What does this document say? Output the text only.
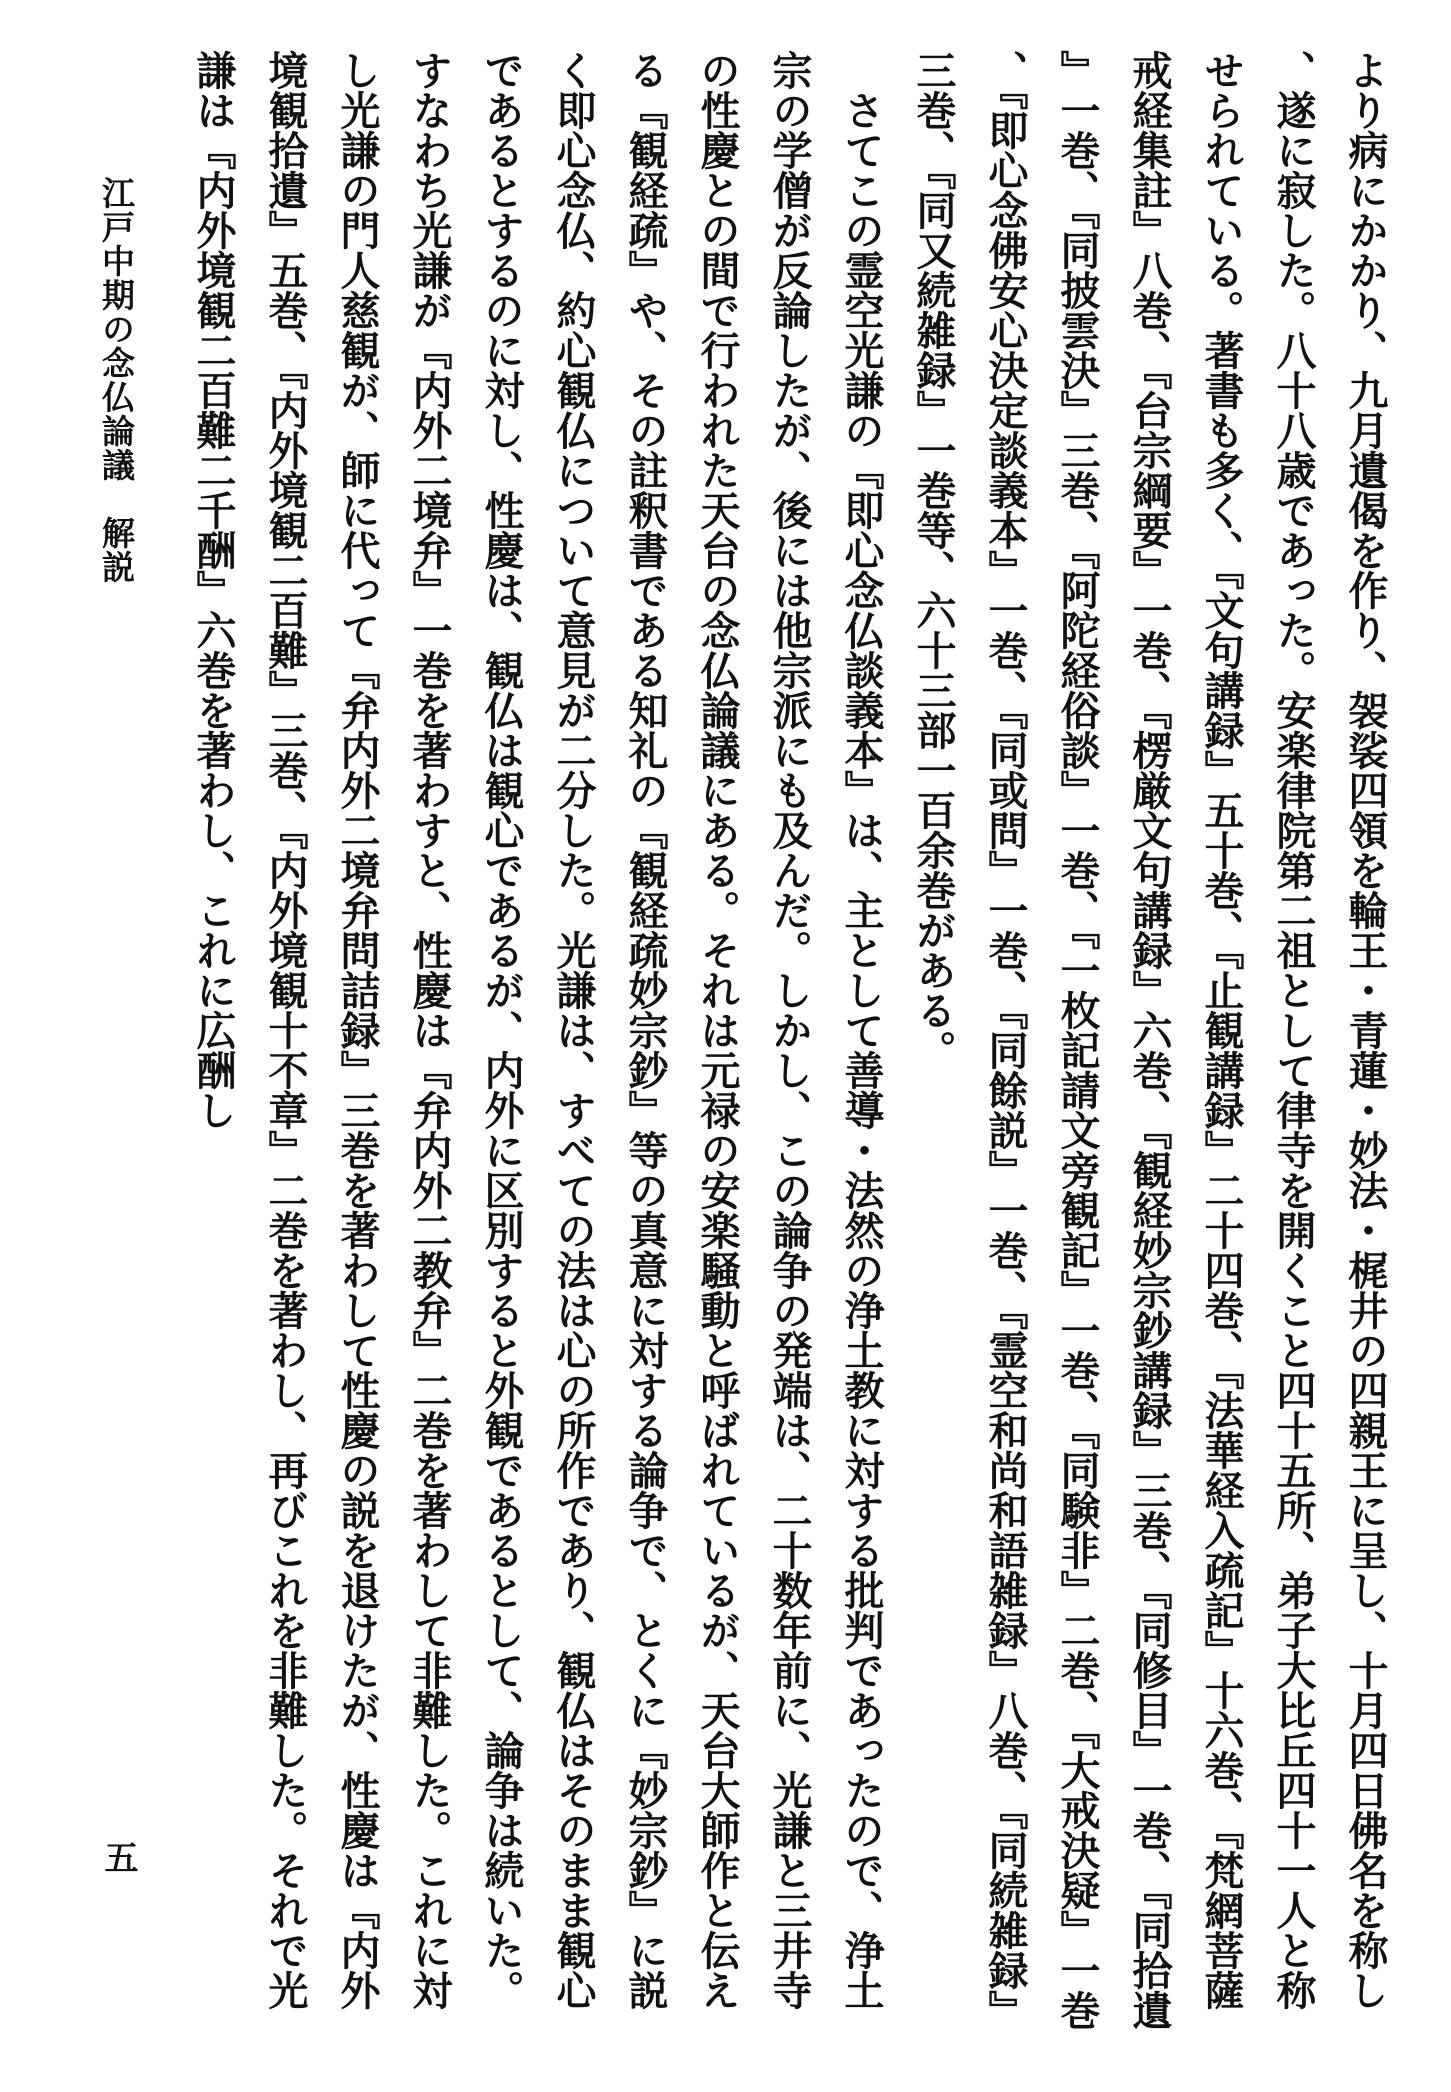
より病にかかり、九月遺偈を作り、袈裟四領を輪王・青蓮・妙法・梶井の四親王に呈し、十月四日佛名を称し、遂に寂した。八十八歳であった。安楽律院第二祖として律寺を開くこと四十五所、弟子大比丘四十一人と称せられている。著書も多く、『文句講録』五十巻、『止観講録』二十四巻、『法華経入疏記』十六巻、『梵網菩薩戒経集註』八巻、『台宗綱要』一巻、『楞厳文句講録』六巻、『観経妙宗鈔講録』三巻、『同修目』一巻、『同拾遺』一巻、『同披雲決』三巻、『阿陀経俗談』一巻、『一枚記請文旁観記』一巻、『同験非』二巻、『大戒決疑』一巻、『即心念佛安心決定談義本』一巻、『同或問』一巻、『同餘説』一巻、『霊空和尚和語雑録』八巻、『同続雑録』三巻、『同又続雑録』一巻等、六十三部一百余巻がある。

さてこの霊空光謙の『即心念仏談義本』は、主として善導・法然の浄土教に対する批判であったので、浄土宗の学僧が反論したが、後には他宗派にも及んだ。しかし、この論争の発端は、二十数年前に、光謙と三井寺の性慶との間で行われた天台の念仏論議にある。それは元禄の安楽騒動と呼ばれているが、天台大師作と伝える『観経疏』や、その註釈書である知礼の『観経疏妙宗鈔』等の真意に対する論争で、とくに『妙宗鈔』に説く即心念仏、約心観仏について意見が二分した。光謙は、すべての法は心の所作であり、観仏はそのまま観心であるとするのに対し、性慶は、観仏は観心であるが、内外に区別すると外観であるとして、論争は続いた。すなわち光謙が『内外二境弁』一巻を著わすと、性慶は『弁内外二教弁』二巻を著わして非難した。これに対し光謙の門人慈観が、師に代って『弁内外二境弁問詰録』三巻を著わして性慶の説を退けたが、性慶は『内外境観拾遺』五巻、『内外境観二百難』三巻、『内外境観十不章』二巻を著わし、再びこれを非難した。それで光謙は『内外境観二百難二千酬』六巻を著わし、これに広酬し

江戸中期の念仏論議解説
五
